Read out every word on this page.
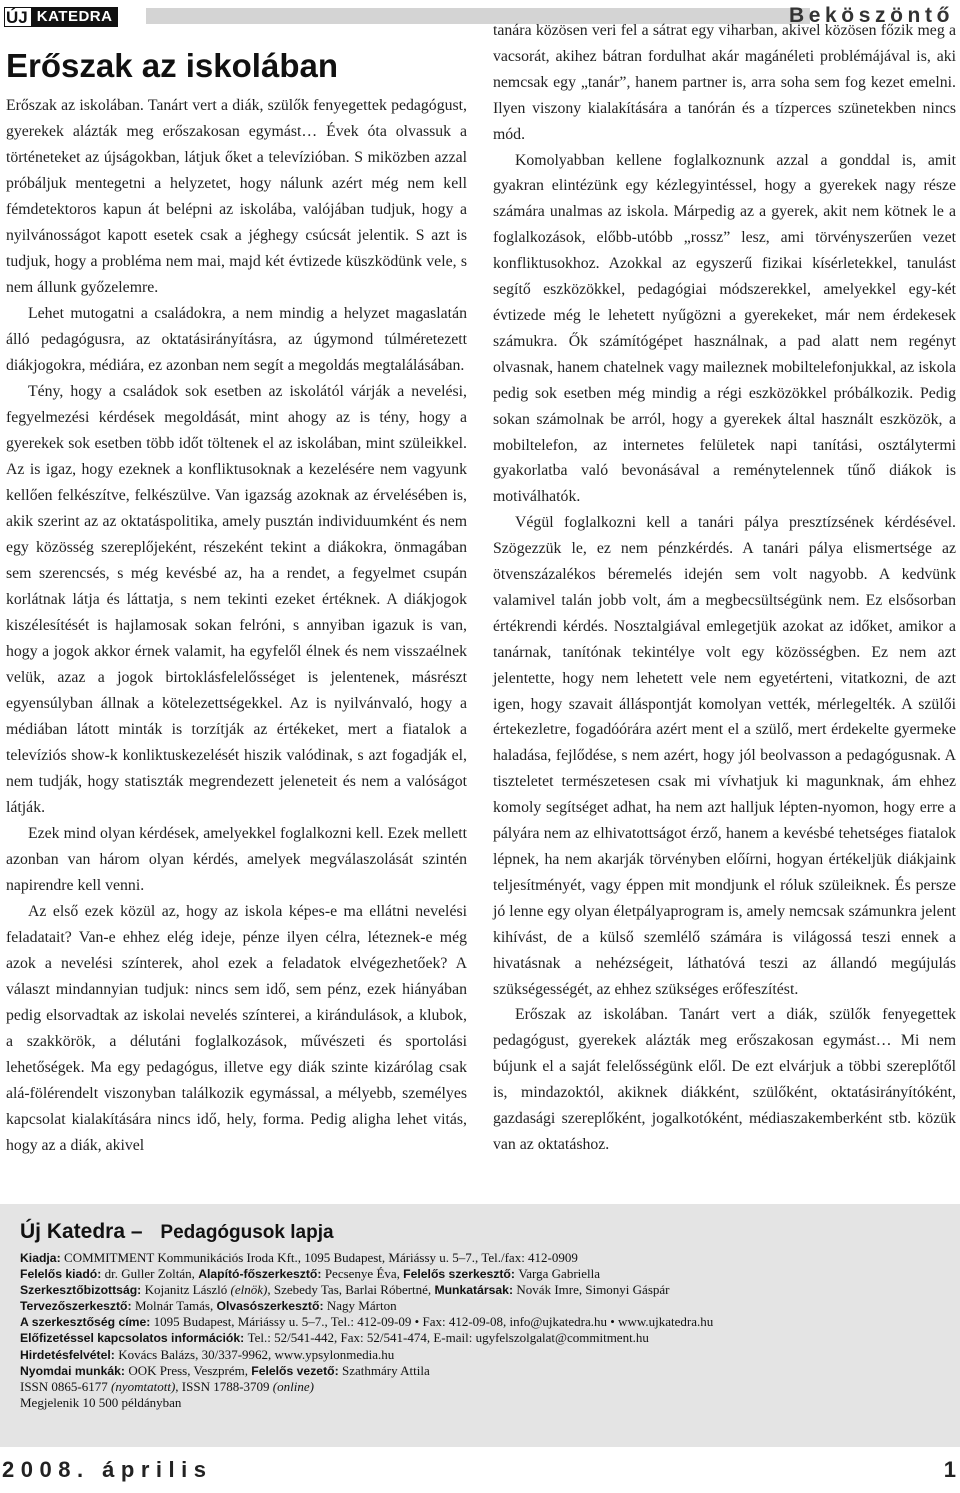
ÚJ KATEDRA	Beköszöntő
Erőszak az iskolában

Erőszak az iskolában. Tanárt vert a diák, szülők fenyegettek pedagógust, gyerekek alázták meg erőszakosan egymást… Évek óta olvassuk a történeteket az újságokban, látjuk őket a televízióban. S miközben azzal próbáljuk mentegetni a helyzetet, hogy nálunk azért még nem kell fémdetektoros kapun át belépni az iskolába, valójában tudjuk, hogy a nyilvánosságot kapott esetek csak a jéghegy csúcsát jelentik. S azt is tudjuk, hogy a probléma nem mai, majd két évtizede küszködünk vele, s nem állunk győzelemre.

Lehet mutogatni a családokra, a nem mindig a helyzet magaslatán álló pedagógusra, az oktatásirányításra, az úgymond túlméretezett diákjogokra, médiára, ez azonban nem segít a megoldás megtalálásában.

Tény, hogy a családok sok esetben az iskolától várják a nevelési, fegyelmezési kérdések megoldását, mint ahogy az is tény, hogy a gyerekek sok esetben több időt töltenek el az iskolában, mint szüleikkel. Az is igaz, hogy ezeknek a konfliktusoknak a kezelésére nem vagyunk kellően felkészítve, felkészülve. Van igazság azoknak az érvelésében is, akik szerint az az oktatáspolitika, amely pusztán individuumként és nem egy közösség szereplőjeként, részeként tekint a diákokra, önmagában sem szerencsés, s még kevésbé az, ha a rendet, a fegyelmet csupán korlátnak látja és láttatja, s nem tekinti ezeket értéknek. A diákjogok kiszélesítését is hajlamosak sokan felróni, s annyiban igazuk is van, hogy a jogok akkor érnek valamit, ha egyfelől élnek és nem visszaélnek velük, azaz a jogok birtoklásfelelősséget is jelentenek, másrészt egyensúlyban állnak a kötelezettségekkel. Az is nyilvánvaló, hogy a médiában látott minták is torzítják az értékeket, mert a fiatalok a televíziós show-k konliktuskezelését hiszik valódinak, s azt fogadják el, nem tudják, hogy statiszták megrendezett jeleneteit és nem a valóságot látják.

Ezek mind olyan kérdések, amelyekkel foglalkozni kell. Ezek mellett azonban van három olyan kérdés, amelyek megválaszolását szintén napirendre kell venni.

Az első ezek közül az, hogy az iskola képes-e ma ellátni nevelési feladatait? Van-e ehhez elég ideje, pénze ilyen célra, léteznek-e még azok a nevelési színterek, ahol ezek a feladatok elvégezhetőek? A választ mindannyian tudjuk: nincs sem idő, sem pénz, ezek hiányában pedig elsorvadtak az iskolai nevelés színterei, a kirándulások, a klubok, a szakkörök, a délutáni foglalkozások, művészeti és sportolási lehetőségek. Ma egy pedagógus, illetve egy diák szinte kizárólag csak alá-fölérendelt viszonyban találkozik egymással, a mélyebb, személyes kapcsolat kialakítására nincs idő, hely, forma. Pedig aligha lehet vitás, hogy az a diák, akivel

tanára közösen veri fel a sátrat egy viharban, akivel közösen főzik meg a vacsorát, akihez bátran fordulhat akár magánéleti problémájával is, aki nemcsak egy „tanár”, hanem partner is, arra soha sem fog kezet emelni. Ilyen viszony kialakítására a tanórán és a tízperces szünetekben nincs mód.

Komolyabban kellene foglalkoznunk azzal a gonddal is, amit gyakran elintézünk egy kézlegyintéssel, hogy a gyerekek nagy része számára unalmas az iskola. Márpedig az a gyerek, akit nem kötnek le a foglalkozások, előbb-utóbb „rossz” lesz, ami törvényszerűen vezet konfliktusokhoz. Azokkal az egyszerű fizikai kísérletekkel, tanulást segítő eszközökkel, pedagógiai módszerekkel, amelyekkel egy-két évtizede még le lehetett nyűgözni a gyerekeket, már nem érdekesek számukra. Ők számítógépet használnak, a pad alatt nem regényt olvasnak, hanem chatelnek vagy maileznek mobiltelefonjukkal, az iskola pedig sok esetben még mindig a régi eszközökkel próbálkozik. Pedig sokan számolnak be arról, hogy a gyerekek által használt eszközök, a mobiltelefon, az internetes felületek napi tanítási, osztálytermi gyakorlatba való bevonásával a reménytelennek tűnő diákok is motiválhatók.

Végül foglalkozni kell a tanári pálya presztízsének kérdésével. Szögezzük le, ez nem pénzkérdés. A tanári pálya elismertsége az ötvenszázalékos béremelés idején sem volt nagyobb. A kedvünk valamivel talán jobb volt, ám a megbecsültségünk nem. Ez elsősorban értékrendi kérdés. Nosztalgiával emlegetjük azokat az időket, amikor a tanárnak, tanítónak tekintélye volt egy közösségben. Ez nem azt jelentette, hogy nem lehetett vele nem egyetérteni, vitatkozni, de azt igen, hogy szavait álláspontját komolyan vették, mérlegelték. A szülői értekezletre, fogadóórára azért ment el a szülő, mert érdekelte gyermeke haladása, fejlődése, s nem azért, hogy jól beolvasson a pedagógusnak. A tiszteletet természetesen csak mi vívhatjuk ki magunknak, ám ehhez komoly segítséget adhat, ha nem azt halljuk lépten-nyomon, hogy erre a pályára nem az elhivatottságot érző, hanem a kevésbé tehetséges fiatalok lépnek, ha nem akarják törvényben előírni, hogyan értékeljük diákjaink teljesítményét, vagy éppen mit mondjunk el róluk szüleiknek. És persze jó lenne egy olyan életpályaprogram is, amely nemcsak számunkra jelent kihívást, de a külső szemlélő számára is világossá teszi ennek a hivatásnak a nehézségeit, láthatóvá teszi az állandó megújulás szükségességét, az ehhez szükséges erőfeszítést.

Erőszak az iskolában. Tanárt vert a diák, szülők fenyegettek pedagógust, gyerekek alázták meg erőszakosan egymást… Mi nem bújunk el a saját felelősségünk elől. De ezt elvárjuk a többi szereplőtől is, mindazoktól, akiknek diákként, szülőként, oktatásirányítóként, gazdasági szereplőként, jogalkotóként, médiaszakemberként stb. közük van az oktatáshoz.

Új Katedra – Pedagógusok lapja
Kiadja: COMMITMENT Kommunikációs Iroda Kft., 1095 Budapest, Máriássy u. 5–7., Tel./fax: 412-0909
Felelős kiadó: dr. Guller Zoltán, Alapító-főszerkesztő: Pecsenye Éva, Felelős szerkesztő: Varga Gabriella
Szerkesztőbizottság: Kojanitz László (elnök), Szebedy Tas, Barlai Róbertné, Munkatársak: Novák Imre, Simonyi Gáspár
Tervezőszerkesztő: Molnár Tamás, Olvasószerkesztő: Nagy Márton
A szerkesztőség címe: 1095 Budapest, Máriássy u. 5–7., Tel.: 412-09-09 • Fax: 412-09-08, info@ujkatedra.hu • www.ujkatedra.hu
Előfizetéssel kapcsolatos információk: Tel.: 52/541-442, Fax: 52/541-474, E-mail: ugyfelszolgalat@commitment.hu
Hirdetésfelvétel: Kovács Balázs, 30/337-9962, www.ypsylonmedia.hu
Nyomdai munkák: OOK Press, Veszprém, Felelős vezető: Szathmáry Attila
ISSN 0865-6177 (nyomtatott), ISSN 1788-3709 (online)
Megjelenik 10 500 példányban
2008. április	1
